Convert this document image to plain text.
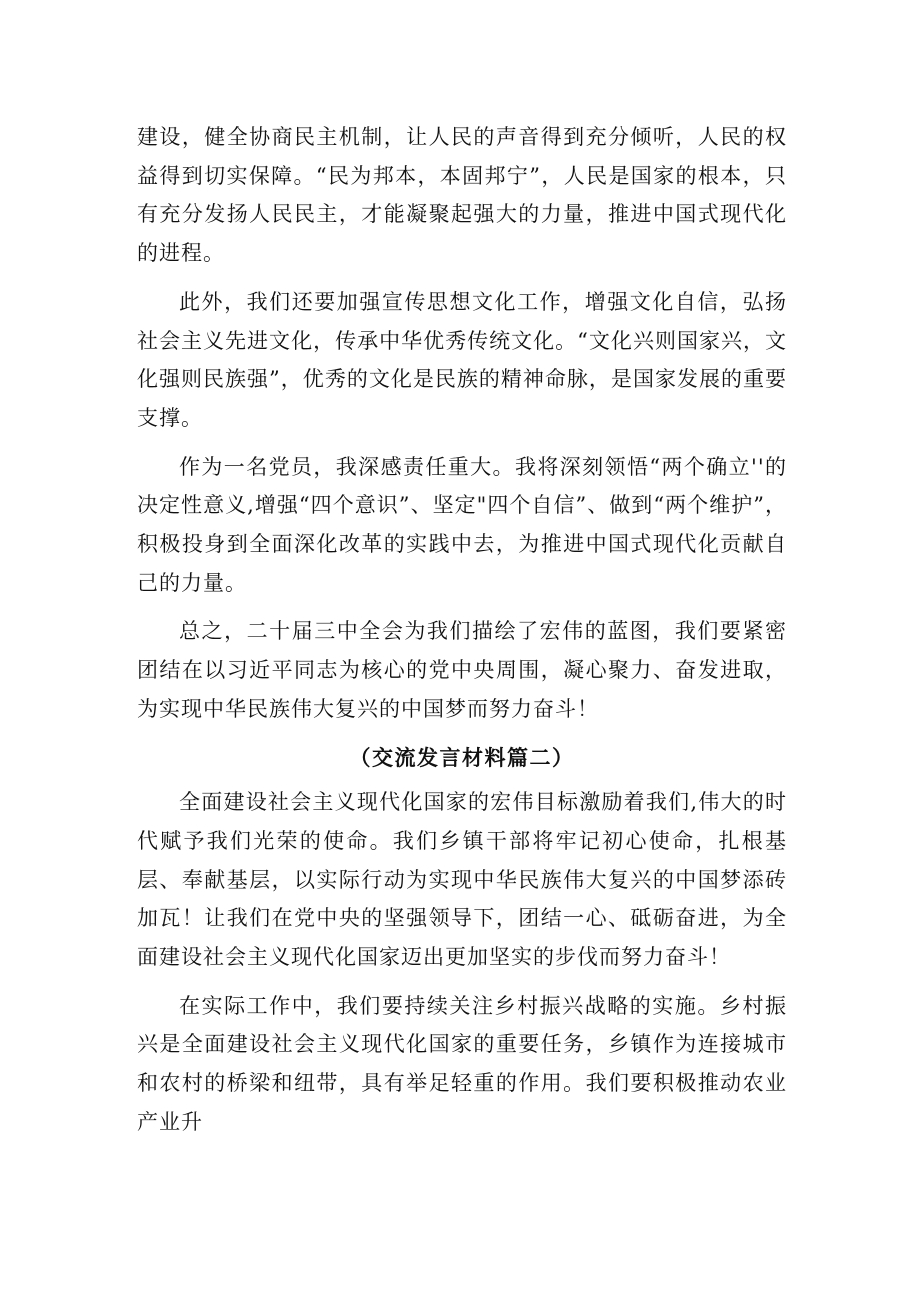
建设，健全协商民主机制，让人民的声音得到充分倾听，人民的权益得到切实保障。“民为邦本，本固邦宁”，人民是国家的根本，只有充分发扬人民民主，才能凝聚起强大的力量，推进中国式现代化的进程。

此外，我们还要加强宣传思想文化工作，增强文化自信，弘扬社会主义先进文化，传承中华优秀传统文化。“文化兴则国家兴，文化强则民族强”，优秀的文化是民族的精神命脉，是国家发展的重要支撑。

作为一名党员，我深感责任重大。我将深刻领悟“两个确立''的决定性意义,增强“四个意识”、坚定"四个自信”、做到“两个维护”，积极投身到全面深化改革的实践中去，为推进中国式现代化贡献自己的力量。

总之，二十届三中全会为我们描绘了宏伟的蓝图，我们要紧密团结在以习近平同志为核心的党中央周围，凝心聚力、奋发进取，为实现中华民族伟大复兴的中国梦而努力奋斗！

（交流发言材料篇二）

全面建设社会主义现代化国家的宏伟目标激励着我们,伟大的时代赋予我们光荣的使命。我们乡镇干部将牢记初心使命，扎根基层、奉献基层，以实际行动为实现中华民族伟大复兴的中国梦添砖加瓦！让我们在党中央的坚强领导下，团结一心、砥砺奋进，为全面建设社会主义现代化国家迈出更加坚实的步伐而努力奋斗！

在实际工作中，我们要持续关注乡村振兴战略的实施。乡村振兴是全面建设社会主义现代化国家的重要任务，乡镇作为连接城市和农村的桥梁和纽带，具有举足轻重的作用。我们要积极推动农业产业升
